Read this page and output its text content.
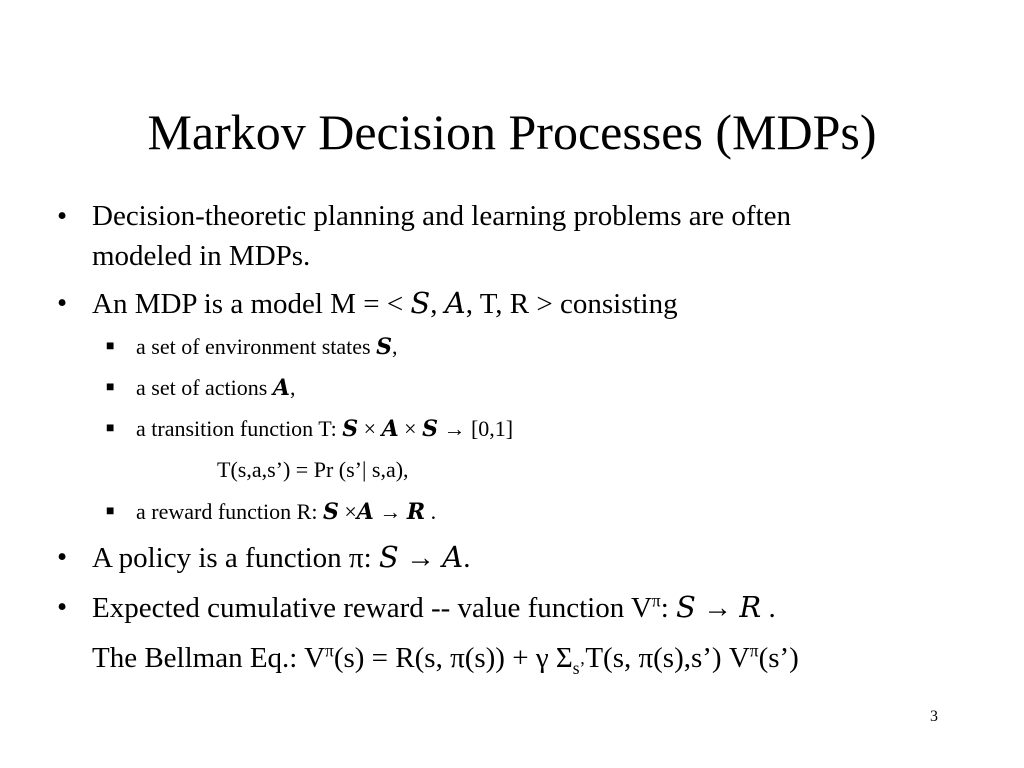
Markov Decision Processes (MDPs)
• Decision-theoretic planning and learning problems are often
modeled in MDPs.
• An MDP is a model M = < S, A, T, R > consisting
■ a set of environment states S,
■ a set of actions A,
■ a transition function T: S × A × S → [0,1]
T(s,a,s’) = Pr (s’| s,a),
■ a reward function R: S ×A → R .
• A policy is a function π: S → A.
• Expected cumulative reward -- value function $V^\pi$: S → R .
The Bellman Eq.: $V^\pi(s) = R(s$, π(s)) + γ $\Sigma_{s’}T(s$, π(s),s’) $V^\pi(s’)$
3
